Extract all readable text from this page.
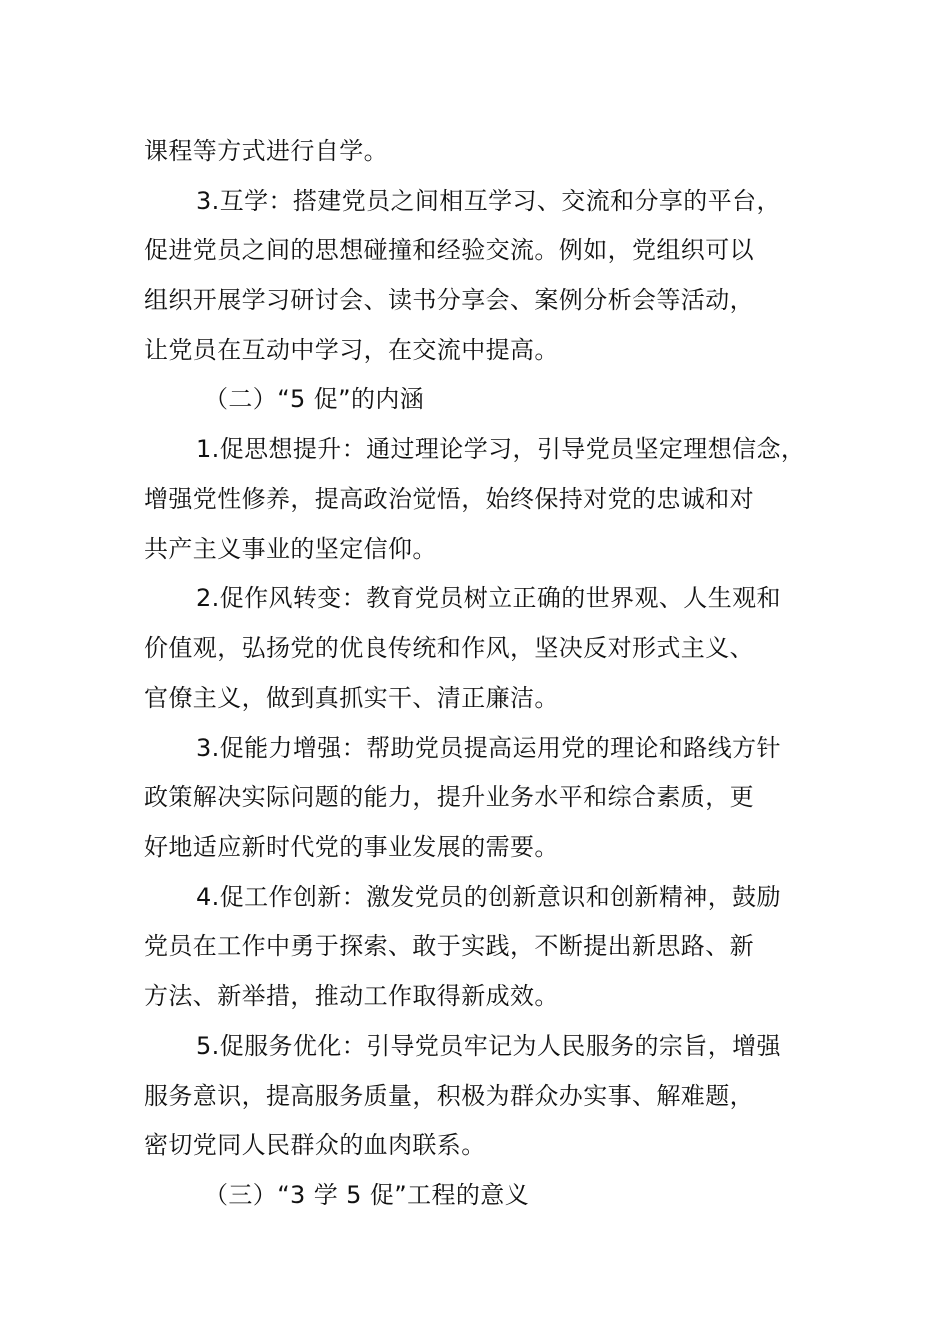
课程等方式进行自学。
3.互学：搭建党员之间相互学习、交流和分享的平台，
促进党员之间的思想碰撞和经验交流。例如，党组织可以
组织开展学习研讨会、读书分享会、案例分析会等活动，
让党员在互动中学习，在交流中提高。
（二）“5 促”的内涵
1.促思想提升：通过理论学习，引导党员坚定理想信念，
增强党性修养，提高政治觉悟，始终保持对党的忠诚和对
共产主义事业的坚定信仰。
2.促作风转变：教育党员树立正确的世界观、人生观和
价值观，弘扬党的优良传统和作风，坚决反对形式主义、
官僚主义，做到真抓实干、清正廉洁。
3.促能力增强：帮助党员提高运用党的理论和路线方针
政策解决实际问题的能力，提升业务水平和综合素质，更
好地适应新时代党的事业发展的需要。
4.促工作创新：激发党员的创新意识和创新精神，鼓励
党员在工作中勇于探索、敢于实践，不断提出新思路、新
方法、新举措，推动工作取得新成效。
5.促服务优化：引导党员牢记为人民服务的宗旨，增强
服务意识，提高服务质量，积极为群众办实事、解难题，
密切党同人民群众的血肉联系。
（三）“3 学 5 促”工程的意义
